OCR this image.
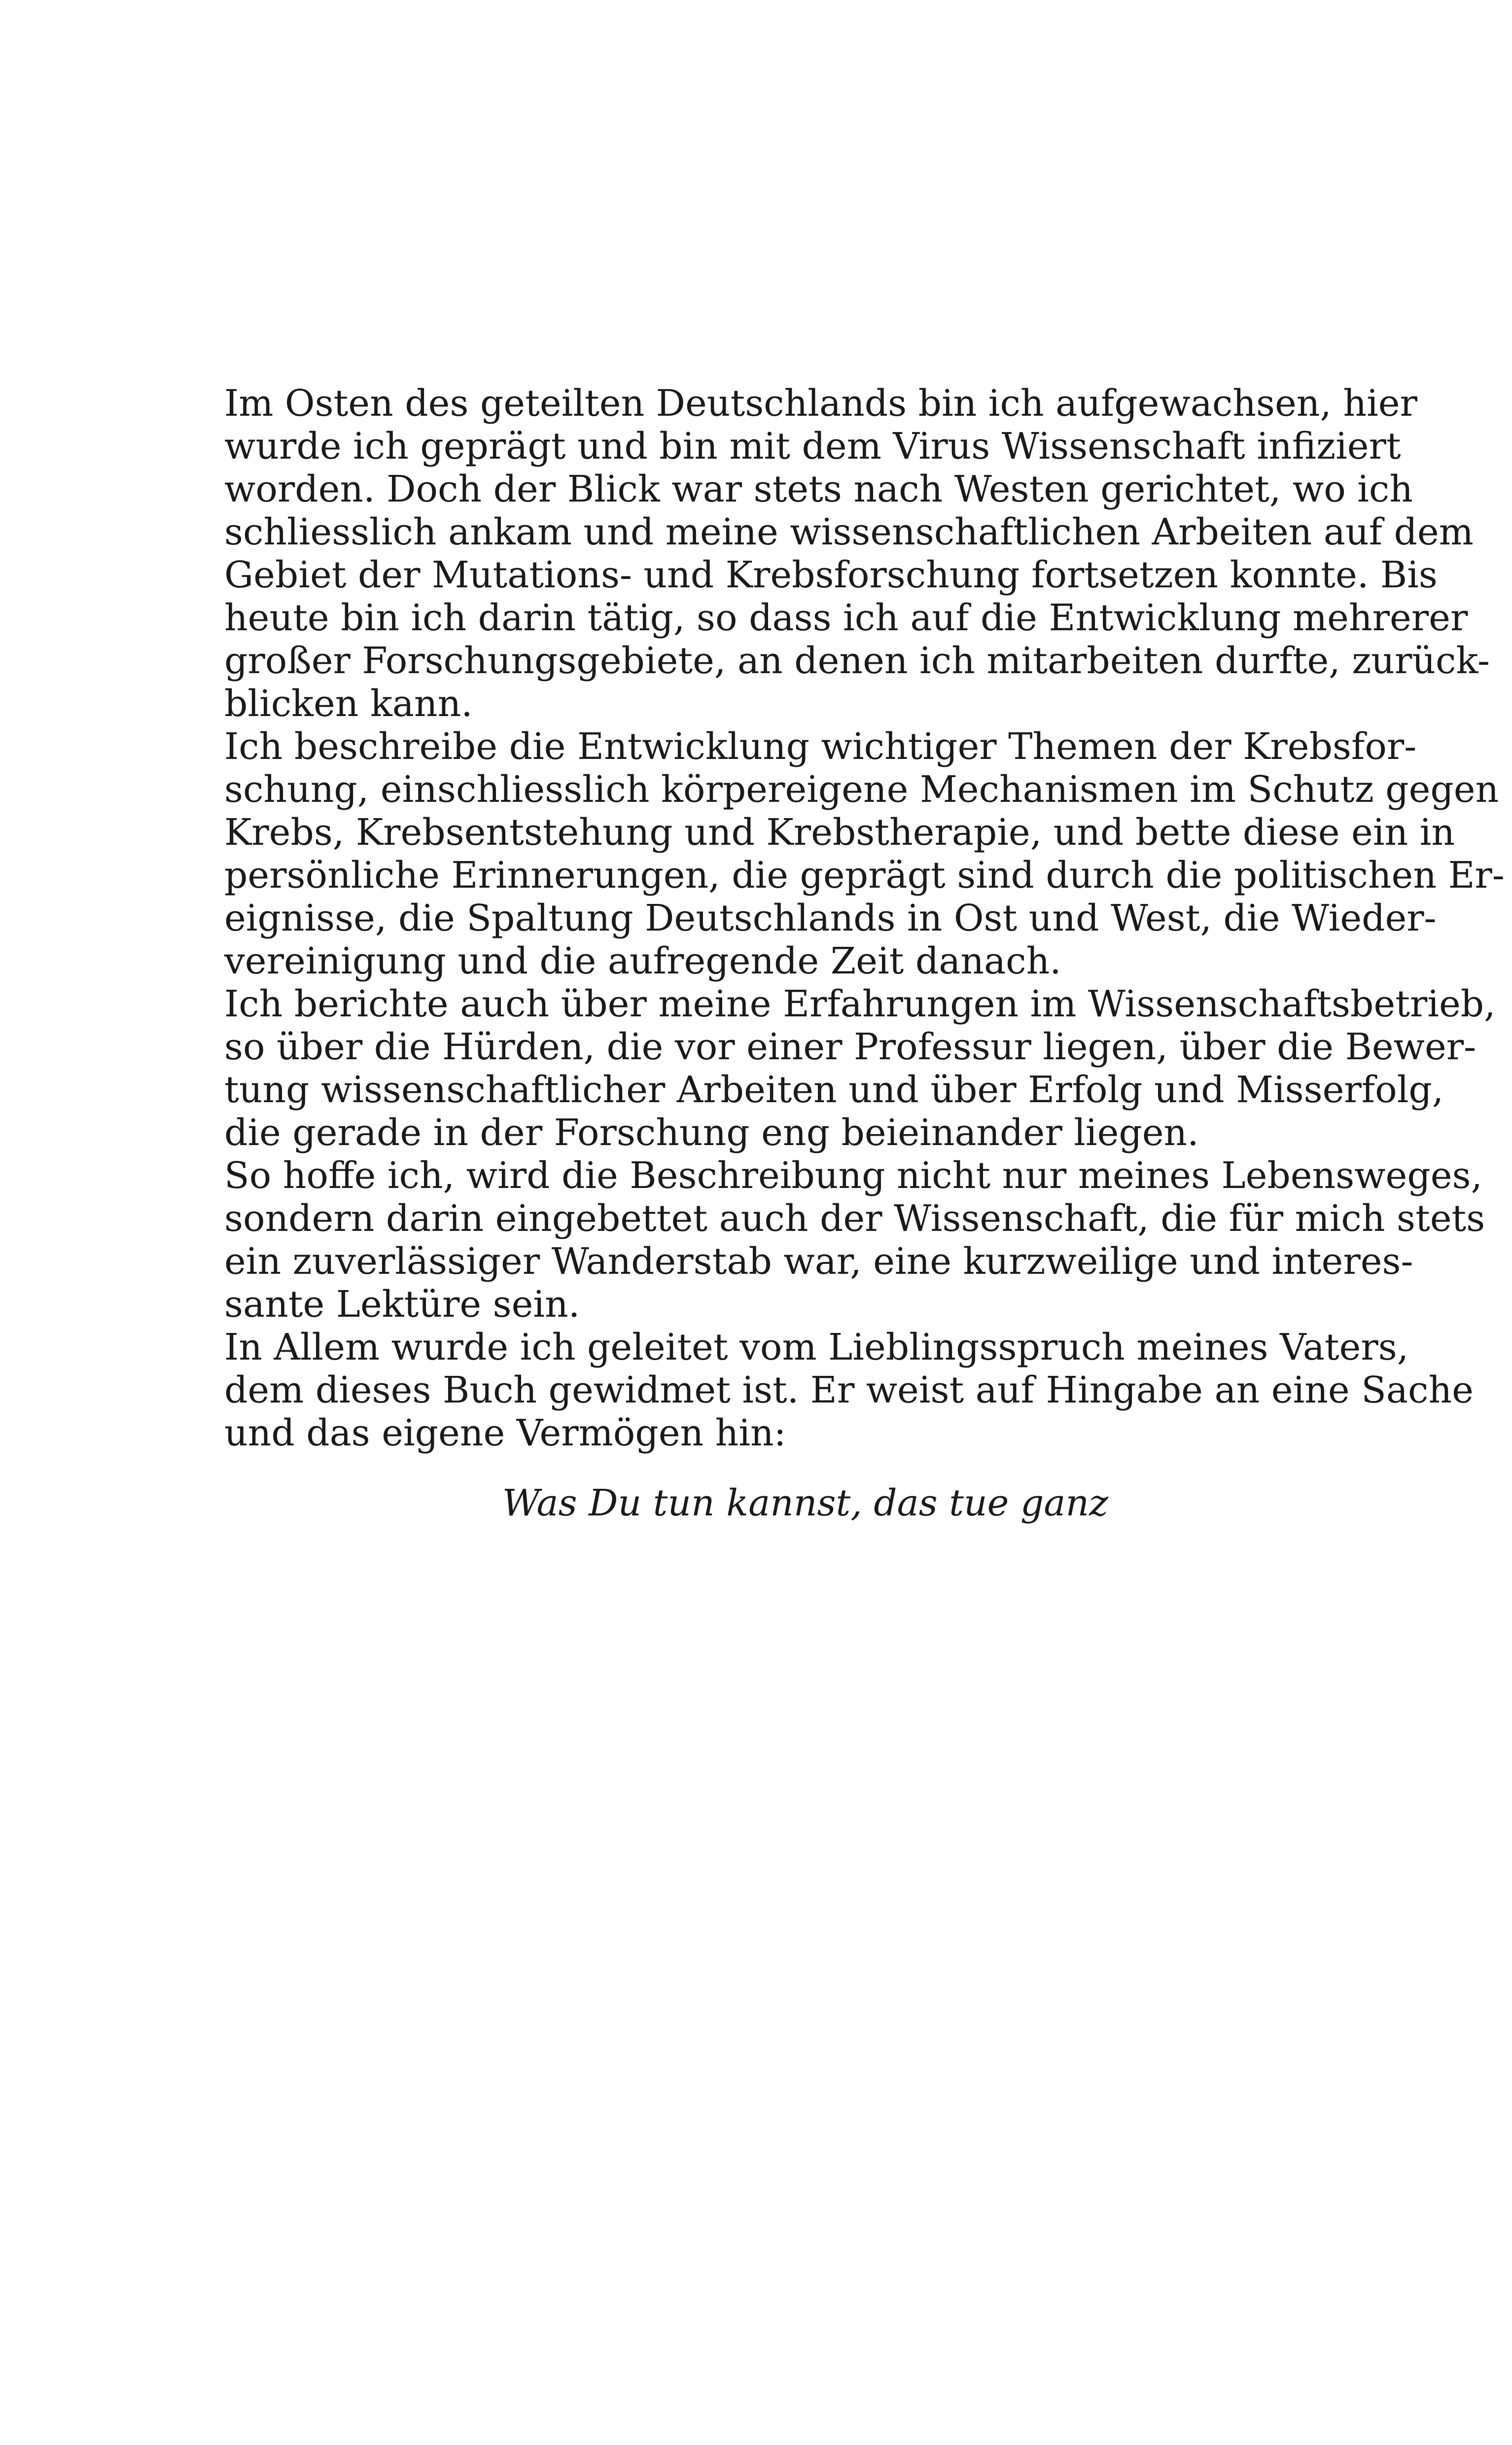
Im Osten des geteilten Deutschlands bin ich aufgewachsen, hier
wurde ich geprägt und bin mit dem Virus Wissenschaft infiziert
worden. Doch der Blick war stets nach Westen gerichtet, wo ich
schliesslich ankam und meine wissenschaftlichen Arbeiten auf dem
Gebiet der Mutations- und Krebsforschung fortsetzen konnte. Bis
heute bin ich darin tätig, so dass ich auf die Entwicklung mehrerer
großer Forschungsgebiete, an denen ich mitarbeiten durfte, zurück-
blicken kann.
Ich beschreibe die Entwicklung wichtiger Themen der Krebsfor-
schung, einschliesslich körpereigene Mechanismen im Schutz gegen
Krebs, Krebsentstehung und Krebstherapie, und bette diese ein in
persönliche Erinnerungen, die geprägt sind durch die politischen Er-
eignisse, die Spaltung Deutschlands in Ost und West, die Wieder-
vereinigung und die aufregende Zeit danach.
Ich berichte auch über meine Erfahrungen im Wissenschaftsbetrieb,
so über die Hürden, die vor einer Professur liegen, über die Bewer-
tung wissenschaftlicher Arbeiten und über Erfolg und Misserfolg,
die gerade in der Forschung eng beieinander liegen.
So hoffe ich, wird die Beschreibung nicht nur meines Lebensweges,
sondern darin eingebettet auch der Wissenschaft, die für mich stets
ein zuverlässiger Wanderstab war, eine kurzweilige und interes-
sante Lektüre sein.
In Allem wurde ich geleitet vom Lieblingsspruch meines Vaters,
dem dieses Buch gewidmet ist. Er weist auf Hingabe an eine Sache
und das eigene Vermögen hin:
Was Du tun kannst, das tue ganz
